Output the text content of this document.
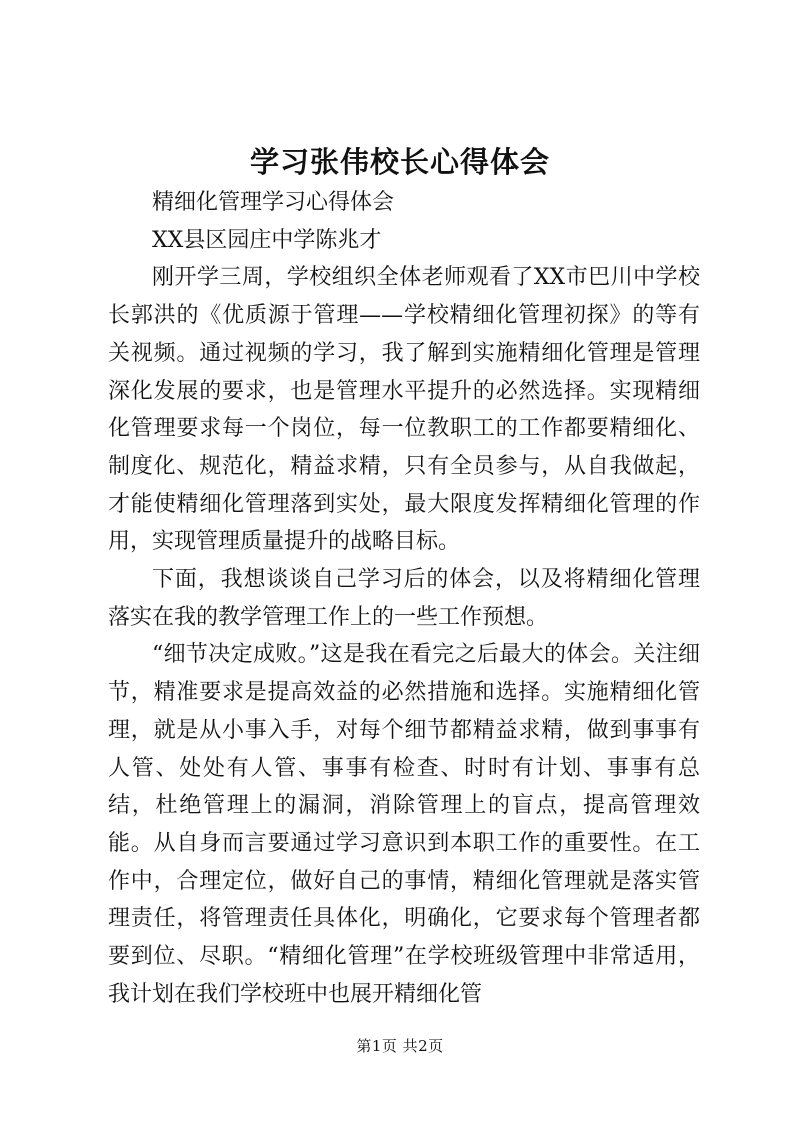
学习张伟校长心得体会

精细化管理学习心得体会

XX县区园庄中学陈兆才

刚开学三周，学校组织全体老师观看了XX市巴川中学校长郭洪的《优质源于管理——学校精细化管理初探》的等有关视频。通过视频的学习，我了解到实施精细化管理是管理深化发展的要求，也是管理水平提升的必然选择。实现精细化管理要求每一个岗位，每一位教职工的工作都要精细化、制度化、规范化，精益求精，只有全员参与，从自我做起，才能使精细化管理落到实处，最大限度发挥精细化管理的作用，实现管理质量提升的战略目标。

下面，我想谈谈自己学习后的体会，以及将精细化管理落实在我的教学管理工作上的一些工作预想。

“细节决定成败。”这是我在看完之后最大的体会。关注细节，精准要求是提高效益的必然措施和选择。实施精细化管理，就是从小事入手，对每个细节都精益求精，做到事事有人管、处处有人管、事事有检查、时时有计划、事事有总结，杜绝管理上的漏洞，消除管理上的盲点，提高管理效能。从自身而言要通过学习意识到本职工作的重要性。在工作中，合理定位，做好自己的事情，精细化管理就是落实管理责任，将管理责任具体化，明确化，它要求每个管理者都要到位、尽职。“精细化管理”在学校班级管理中非常适用，我计划在我们学校班中也展开精细化管

第1页 共2页
